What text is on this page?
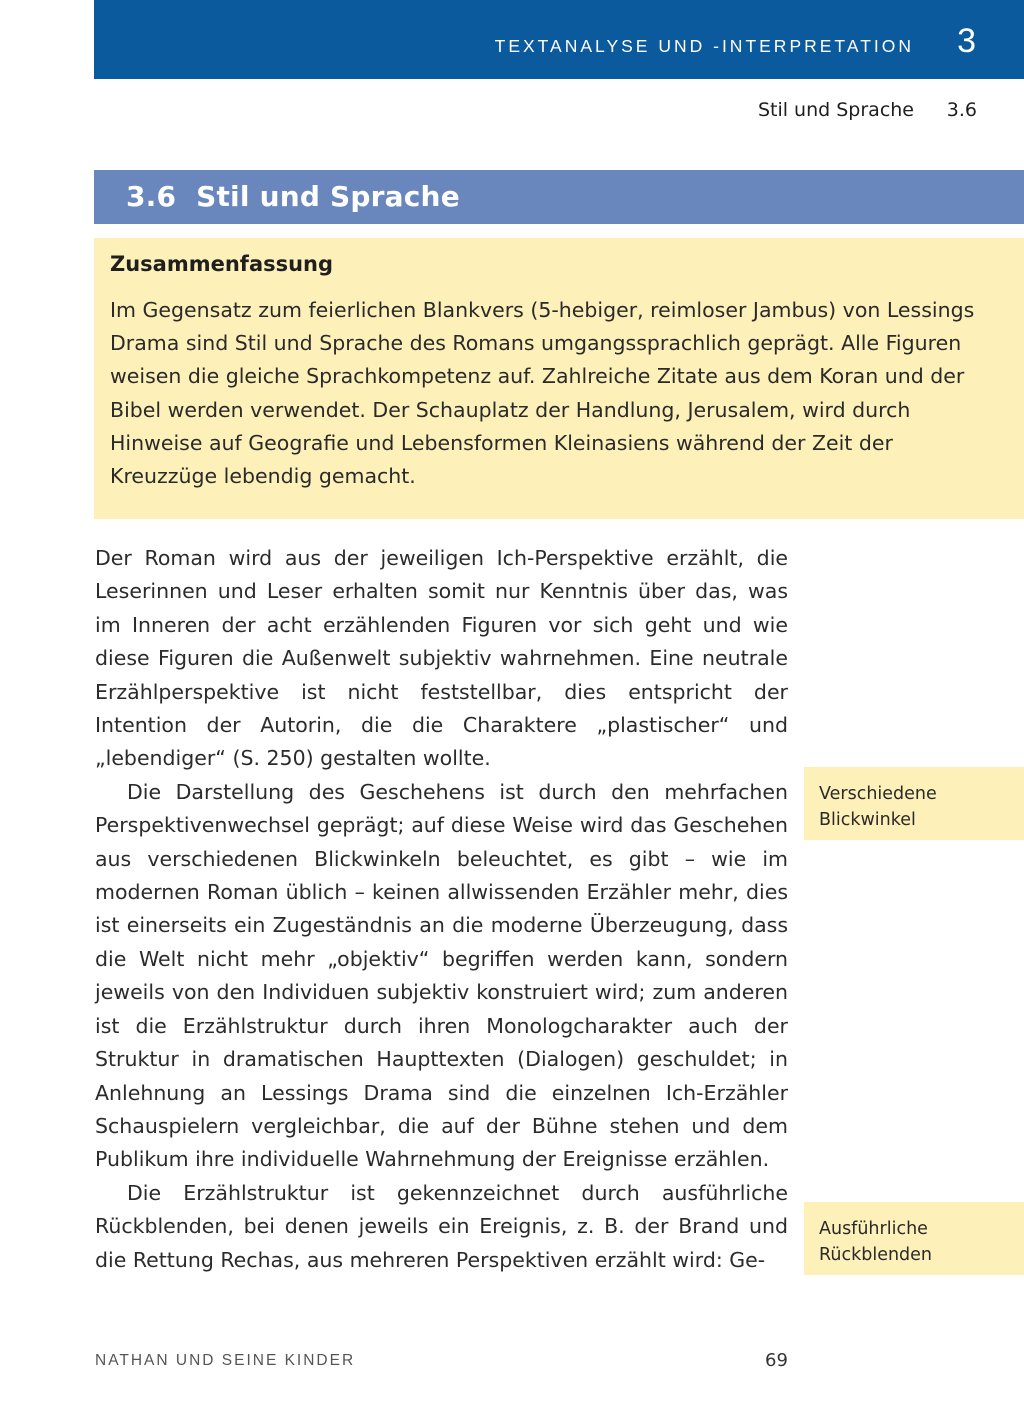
TEXTANALYSE UND -INTERPRETATION 3
Stil und Sprache 3.6
3.6  Stil und Sprache
Zusammenfassung

Im Gegensatz zum feierlichen Blankvers (5-hebiger, reimloser Jambus) von Lessings Drama sind Stil und Sprache des Romans umgangssprachlich geprägt. Alle Figuren weisen die gleiche Sprachkompetenz auf. Zahlreiche Zitate aus dem Koran und der Bibel werden verwendet. Der Schauplatz der Handlung, Jerusalem, wird durch Hinweise auf Geografie und Lebensformen Kleinasiens während der Zeit der Kreuzzüge lebendig gemacht.

Der Roman wird aus der jeweiligen Ich-Perspektive erzählt, die Leserinnen und Leser erhalten somit nur Kenntnis über das, was im Inneren der acht erzählenden Figuren vor sich geht und wie diese Figuren die Außenwelt subjektiv wahrnehmen. Eine neutrale Erzählperspektive ist nicht feststellbar, dies entspricht der Intention der Autorin, die die Charaktere „plastischer“ und „lebendiger“ (S. 250) gestalten wollte.

Die Darstellung des Geschehens ist durch den mehrfachen Perspektivenwechsel geprägt; auf diese Weise wird das Geschehen aus verschiedenen Blickwinkeln beleuchtet, es gibt – wie im modernen Roman üblich – keinen allwissenden Erzähler mehr, dies ist einerseits ein Zugeständnis an die moderne Überzeugung, dass die Welt nicht mehr „objektiv“ begriffen werden kann, sondern jeweils von den Individuen subjektiv konstruiert wird; zum anderen ist die Erzählstruktur durch ihren Monologcharakter auch der Struktur in dramatischen Haupttexten (Dialogen) geschuldet; in Anlehnung an Lessings Drama sind die einzelnen Ich-Erzähler Schauspielern vergleichbar, die auf der Bühne stehen und dem Publikum ihre individuelle Wahrnehmung der Ereignisse erzählen.

Die Erzählstruktur ist gekennzeichnet durch ausführliche Rückblenden, bei denen jeweils ein Ereignis, z. B. der Brand und die Rettung Rechas, aus mehreren Perspektiven erzählt wird: Ge-

Verschiedene
Blickwinkel
Ausführliche
Rückblenden
NATHAN UND SEINE KINDER	69
